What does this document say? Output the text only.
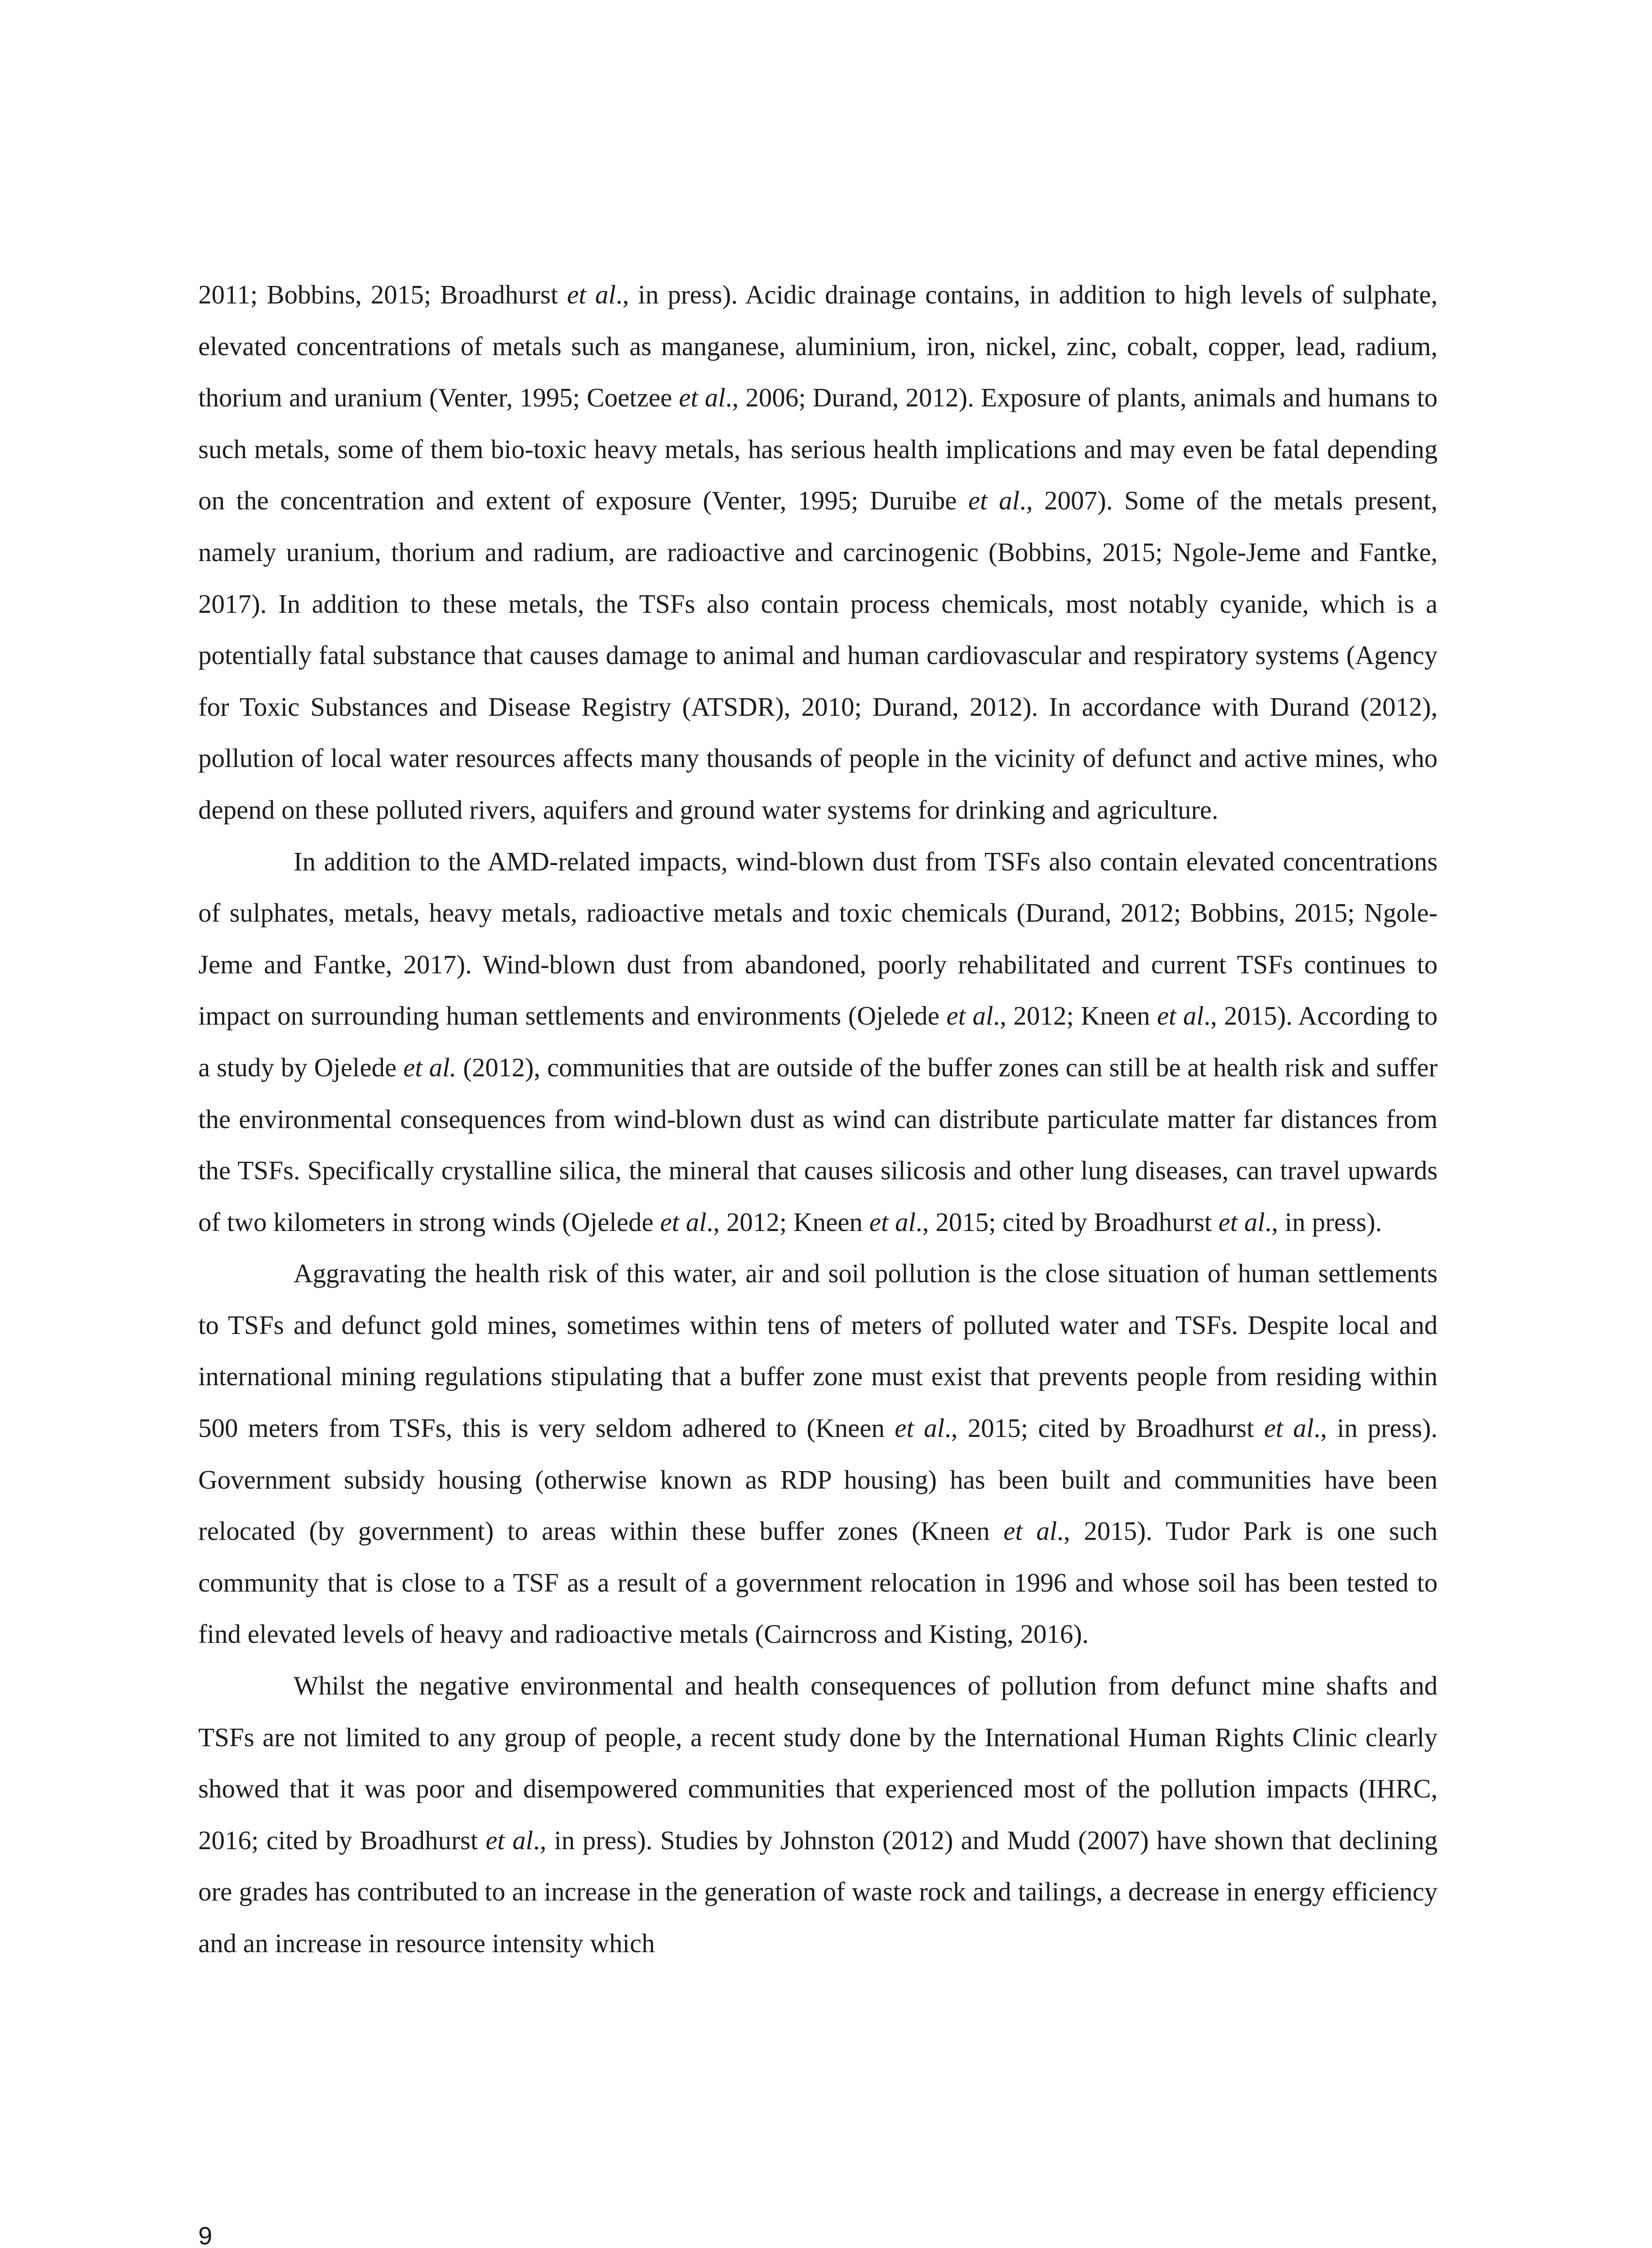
2011; Bobbins, 2015; Broadhurst et al., in press). Acidic drainage contains, in addition to high levels of sulphate, elevated concentrations of metals such as manganese, aluminium, iron, nickel, zinc, cobalt, copper, lead, radium, thorium and uranium (Venter, 1995; Coetzee et al., 2006; Durand, 2012). Exposure of plants, animals and humans to such metals, some of them bio-toxic heavy metals, has serious health implications and may even be fatal depending on the concentration and extent of exposure (Venter, 1995; Duruibe et al., 2007). Some of the metals present, namely uranium, thorium and radium, are radioactive and carcinogenic (Bobbins, 2015; Ngole-Jeme and Fantke, 2017). In addition to these metals, the TSFs also contain process chemicals, most notably cyanide, which is a potentially fatal substance that causes damage to animal and human cardiovascular and respiratory systems (Agency for Toxic Substances and Disease Registry (ATSDR), 2010; Durand, 2012). In accordance with Durand (2012), pollution of local water resources affects many thousands of people in the vicinity of defunct and active mines, who depend on these polluted rivers, aquifers and ground water systems for drinking and agriculture.

In addition to the AMD-related impacts, wind-blown dust from TSFs also contain elevated concentrations of sulphates, metals, heavy metals, radioactive metals and toxic chemicals (Durand, 2012; Bobbins, 2015; Ngole-Jeme and Fantke, 2017). Wind-blown dust from abandoned, poorly rehabilitated and current TSFs continues to impact on surrounding human settlements and environments (Ojelede et al., 2012; Kneen et al., 2015). According to a study by Ojelede et al. (2012), communities that are outside of the buffer zones can still be at health risk and suffer the environmental consequences from wind-blown dust as wind can distribute particulate matter far distances from the TSFs. Specifically crystalline silica, the mineral that causes silicosis and other lung diseases, can travel upwards of two kilometers in strong winds (Ojelede et al., 2012; Kneen et al., 2015; cited by Broadhurst et al., in press).

Aggravating the health risk of this water, air and soil pollution is the close situation of human settlements to TSFs and defunct gold mines, sometimes within tens of meters of polluted water and TSFs. Despite local and international mining regulations stipulating that a buffer zone must exist that prevents people from residing within 500 meters from TSFs, this is very seldom adhered to (Kneen et al., 2015; cited by Broadhurst et al., in press). Government subsidy housing (otherwise known as RDP housing) has been built and communities have been relocated (by government) to areas within these buffer zones (Kneen et al., 2015). Tudor Park is one such community that is close to a TSF as a result of a government relocation in 1996 and whose soil has been tested to find elevated levels of heavy and radioactive metals (Cairncross and Kisting, 2016).

Whilst the negative environmental and health consequences of pollution from defunct mine shafts and TSFs are not limited to any group of people, a recent study done by the International Human Rights Clinic clearly showed that it was poor and disempowered communities that experienced most of the pollution impacts (IHRC, 2016; cited by Broadhurst et al., in press). Studies by Johnston (2012) and Mudd (2007) have shown that declining ore grades has contributed to an increase in the generation of waste rock and tailings, a decrease in energy efficiency and an increase in resource intensity which

9
